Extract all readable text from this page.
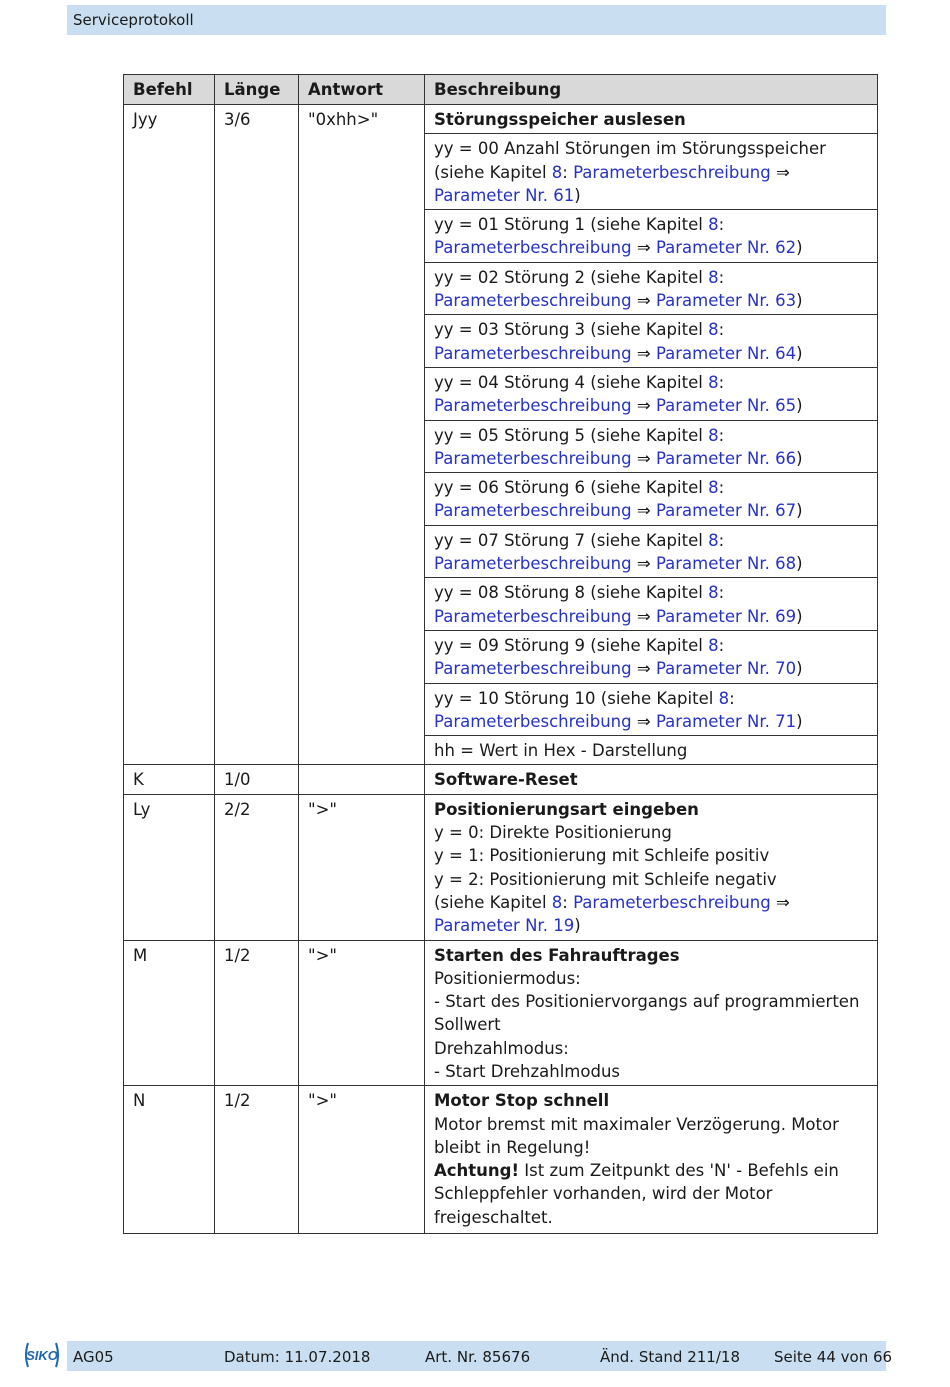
Serviceprotokoll
Befehl	Länge	Antwort	Beschreibung
Jyy	3/6	"0xhh>"	Störungsspeicher auslesen
			yy = 00 Anzahl Störungen im Störungsspeicher (siehe Kapitel 8: Parameterbeschreibung ⇒ Parameter Nr. 61)
			yy = 01 Störung 1 (siehe Kapitel 8:
Parameterbeschreibung ⇒ Parameter Nr. 62)
			yy = 02 Störung 2 (siehe Kapitel 8:
Parameterbeschreibung ⇒ Parameter Nr. 63)
			yy = 03 Störung 3 (siehe Kapitel 8:
Parameterbeschreibung ⇒ Parameter Nr. 64)
			yy = 04 Störung 4 (siehe Kapitel 8:
Parameterbeschreibung ⇒ Parameter Nr. 65)
			yy = 05 Störung 5 (siehe Kapitel 8:
Parameterbeschreibung ⇒ Parameter Nr. 66)
			yy = 06 Störung 6 (siehe Kapitel 8:
Parameterbeschreibung ⇒ Parameter Nr. 67)
			yy = 07 Störung 7 (siehe Kapitel 8:
Parameterbeschreibung ⇒ Parameter Nr. 68)
			yy = 08 Störung 8 (siehe Kapitel 8:
Parameterbeschreibung ⇒ Parameter Nr. 69)
			yy = 09 Störung 9 (siehe Kapitel 8:
Parameterbeschreibung ⇒ Parameter Nr. 70)
			yy = 10 Störung 10 (siehe Kapitel 8:
Parameterbeschreibung ⇒ Parameter Nr. 71)
			hh = Wert in Hex - Darstellung
K	1/0		Software-Reset
Ly	2/2	">"	Positionierungsart eingeben
y = 0: Direkte Positionierung
y = 1: Positionierung mit Schleife positiv
y = 2: Positionierung mit Schleife negativ
(siehe Kapitel 8: Parameterbeschreibung ⇒ Parameter Nr. 19)

M	1/2	">"	Starten des Fahrauftrages
Positioniermodus:
- Start des Positioniervorgangs auf programmierten Sollwert
Drehzahlmodus:
- Start Drehzahlmodus

N	1/2	">"	Motor Stop schnell
Motor bremst mit maximaler Verzögerung. Motor bleibt in Regelung!
Achtung! Ist zum Zeitpunkt des 'N' - Befehls ein Schleppfehler vorhanden, wird der Motor freigeschaltet.
SIKO AG05	Datum: 11.07.2018	Art. Nr. 85676	Änd. Stand 211/18 Seite 44 von 66
